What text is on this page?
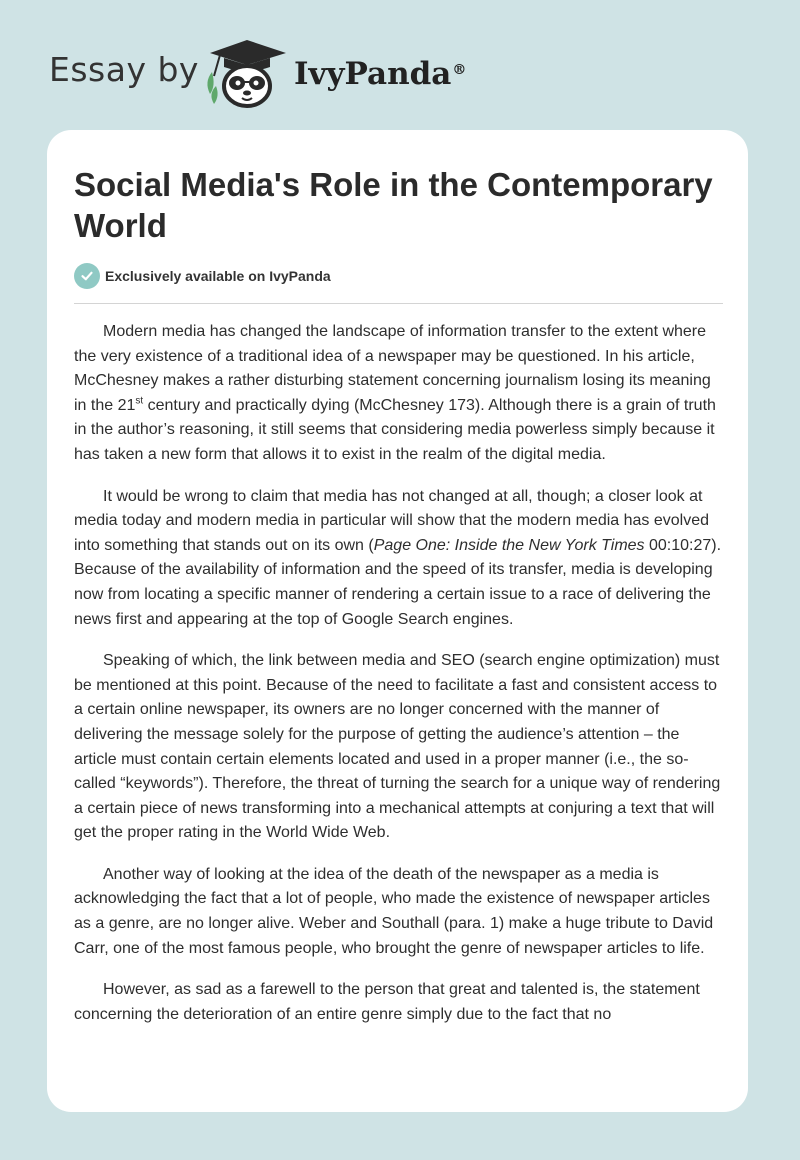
Essay by	IvyPanda®
Social Media's Role in the Contemporary World
Exclusively available on IvyPanda

Modern media has changed the landscape of information transfer to the extent where the very existence of a traditional idea of a newspaper may be questioned. In his article, McChesney makes a rather disturbing statement concerning journalism losing its meaning in the 21st century and practically dying (McChesney 173). Although there is a grain of truth in the author’s reasoning, it still seems that considering media powerless simply because it has taken a new form that allows it to exist in the realm of the digital media.

It would be wrong to claim that media has not changed at all, though; a closer look at media today and modern media in particular will show that the modern media has evolved into something that stands out on its own (Page One: Inside the New York Times 00:10:27). Because of the availability of information and the speed of its transfer, media is developing now from locating a specific manner of rendering a certain issue to a race of delivering the news first and appearing at the top of Google Search engines.

Speaking of which, the link between media and SEO (search engine optimization) must be mentioned at this point. Because of the need to facilitate a fast and consistent access to a certain online newspaper, its owners are no longer concerned with the manner of delivering the message solely for the purpose of getting the audience’s attention – the article must contain certain elements located and used in a proper manner (i.e., the so-called “keywords”). Therefore, the threat of turning the search for a unique way of rendering a certain piece of news transforming into a mechanical attempts at conjuring a text that will get the proper rating in the World Wide Web.

Another way of looking at the idea of the death of the newspaper as a media is acknowledging the fact that a lot of people, who made the existence of newspaper articles as a genre, are no longer alive. Weber and Southall (para. 1) make a huge tribute to David Carr, one of the most famous people, who brought the genre of newspaper articles to life.

However, as sad as a farewell to the person that great and talented is, the statement concerning the deterioration of an entire genre simply due to the fact that no
